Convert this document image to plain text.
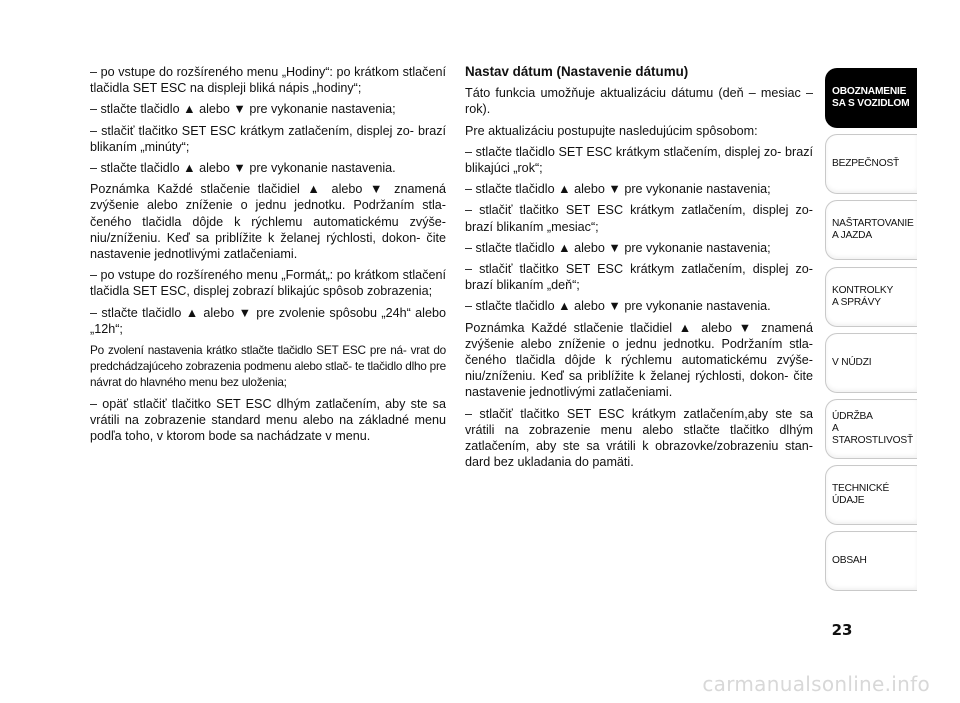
– po vstupe do rozšíreného menu „Hodiny“: po krátkom stlačení tlačidla SET ESC na displeji bliká nápis „hodiny“;

– stlačte tlačidlo ▲ alebo ▼ pre vykonanie nastavenia;

– stlačiť tlačitko SET ESC krátkym zatlačením, displej zo- brazí blikaním „minúty“;

– stlačte tlačidlo ▲ alebo ▼ pre vykonanie nastavenia.

Poznámka Každé stlačenie tlačidiel ▲ alebo ▼ znamená zvýšenie alebo zníženie o jednu jednotku. Podržaním stla- čeného tlačidla dôjde k rýchlemu automatickému zvýše- niu/zníženiu. Keď sa priblížite k želanej rýchlosti, dokon- čite nastavenie jednotlivými zatlačeniami.

– po vstupe do rozšíreného menu „Formát„: po krátkom stlačení tlačidla SET ESC, displej zobrazí blikajúc spôsob zobrazenia;

– stlačte tlačidlo ▲ alebo ▼ pre zvolenie spôsobu „24h“ alebo „12h“;

Po zvolení nastavenia krátko stlačte tlačidlo SET ESC pre ná- vrat do predchádzajúceho zobrazenia podmenu alebo stlač- te tlačidlo dlho pre návrat do hlavného menu bez uloženia;

– opäť stlačiť tlačitko SET ESC dlhým zatlačením, aby ste sa vrátili na zobrazenie standard menu alebo na základné menu podľa toho, v ktorom bode sa nachádzate v menu.

Nastav dátum (Nastavenie dátumu)

Táto funkcia umožňuje aktualizáciu dátumu (deň – mesiac – rok).

Pre aktualizáciu postupujte nasledujúcim spôsobom:

– stlačte tlačidlo SET ESC krátkym stlačením, displej zo- brazí blikajúci „rok“;

– stlačte tlačidlo ▲ alebo ▼ pre vykonanie nastavenia;

– stlačiť tlačitko SET ESC krátkym zatlačením, displej zo- brazí blikaním „mesiac“;

– stlačte tlačidlo ▲ alebo ▼ pre vykonanie nastavenia;

– stlačiť tlačitko SET ESC krátkym zatlačením, displej zo- brazí blikaním „deň“;

– stlačte tlačidlo ▲ alebo ▼ pre vykonanie nastavenia.

Poznámka Každé stlačenie tlačidiel ▲ alebo ▼ znamená zvýšenie alebo zníženie o jednu jednotku. Podržaním stla- čeného tlačidla dôjde k rýchlemu automatickému zvýše- niu/zníženiu. Keď sa priblížite k želanej rýchlosti, dokon- čite nastavenie jednotlivými zatlačeniami.

– stlačiť tlačitko SET ESC krátkym zatlačením,aby ste sa vrátili na zobrazenie menu alebo stlačte tlačitko dlhým zatlačením, aby ste sa vrátili k obrazovke/zobrazeniu stan- dard bez ukladania do pamäti.

OBOZNAMENIE
SA S VOZIDLOM
BEZPEČNOSŤ
NAŠTARTOVANIE
A JAZDA
KONTROLKY
A SPRÁVY
V NÚDZI
ÚDRŽBA
A STAROSTLIVOSŤ
TECHNICKÉ
ÚDAJE
OBSAH
23
carmanualsonline.info
